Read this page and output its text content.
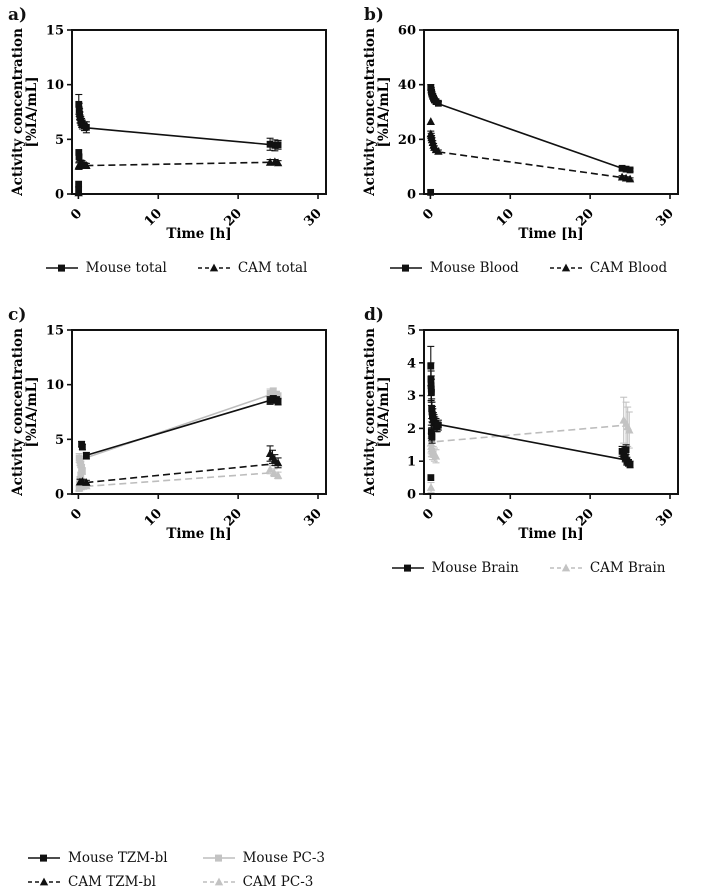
a)
0
5
10
15
0	10	20	30
Time [h]
Activity concentration[%IA/mL]
Mouse total	CAM total
b)
0
20
40
60
0	10	20	30
Time [h]
Activity concentration[%IA/mL]
Mouse Blood	CAM Blood
c)
0
5
10
15
0	10	20	30
Time [h]
Activity concentration[%IA/mL]
Mouse TZM-bl
CAM TZM-bl
Mouse PC-3
CAM PC-3
d)
0
1
2
3
4
5
0	10	20	30
Time [h]
Activity concentration[%IA/mL]
Mouse Brain	CAM Brain
